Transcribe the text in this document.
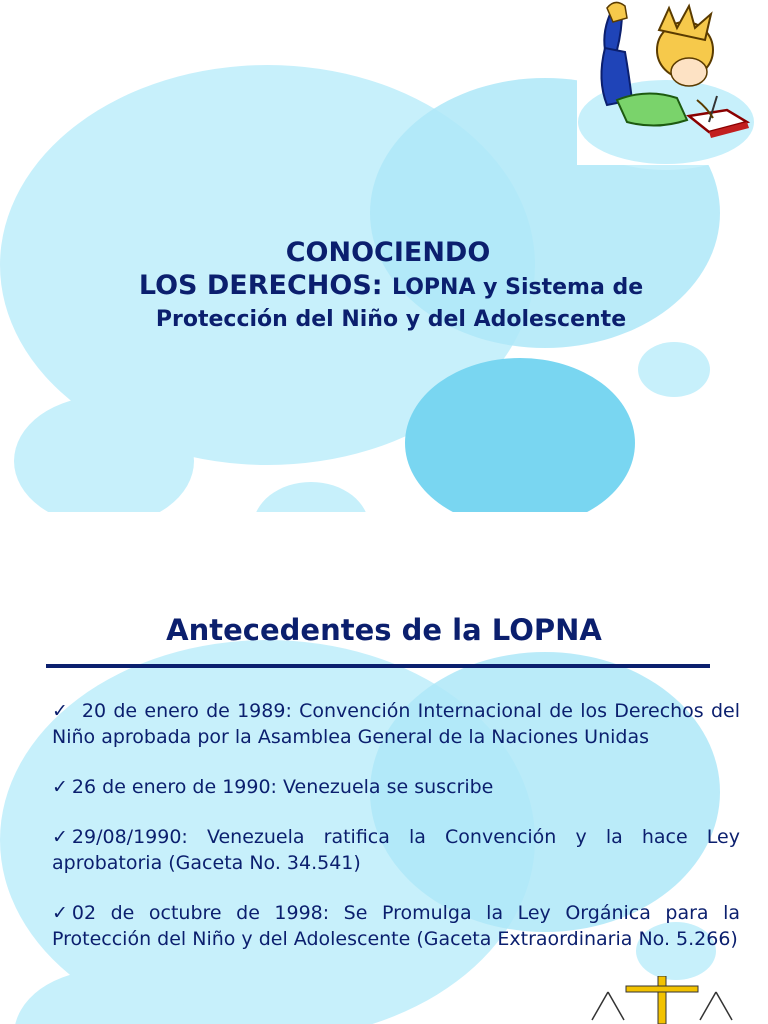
CONOCIENDO
LOS DERECHOS: LOPNA y Sistema de
Protección del Niño y del Adolescente
Antecedentes de la LOPNA
✓ 20 de enero de 1989: Convención Internacional de los Derechos del Niño aprobada por la Asamblea General de la Naciones Unidas
✓ 26 de enero de 1990: Venezuela se suscribe
✓ 29/08/1990: Venezuela ratifica la Convención y la hace Ley aprobatoria (Gaceta No. 34.541)
✓ 02 de octubre de 1998: Se Promulga la Ley Orgánica para la Protección del Niño y del Adolescente (Gaceta Extraordinaria No. 5.266)
